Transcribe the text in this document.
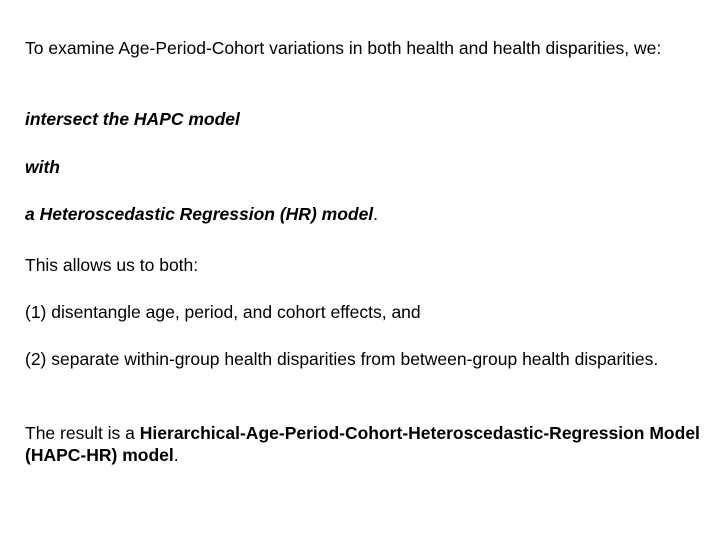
To examine Age-Period-Cohort variations in both health and health disparities, we:

intersect the HAPC model

with

a Heteroscedastic Regression (HR) model.

This allows us to both:

(1) disentangle age, period, and cohort effects, and

(2) separate within-group health disparities from between-group health disparities.

The result is a Hierarchical-Age-Period-Cohort-Heteroscedastic-Regression Model (HAPC-HR) model.
